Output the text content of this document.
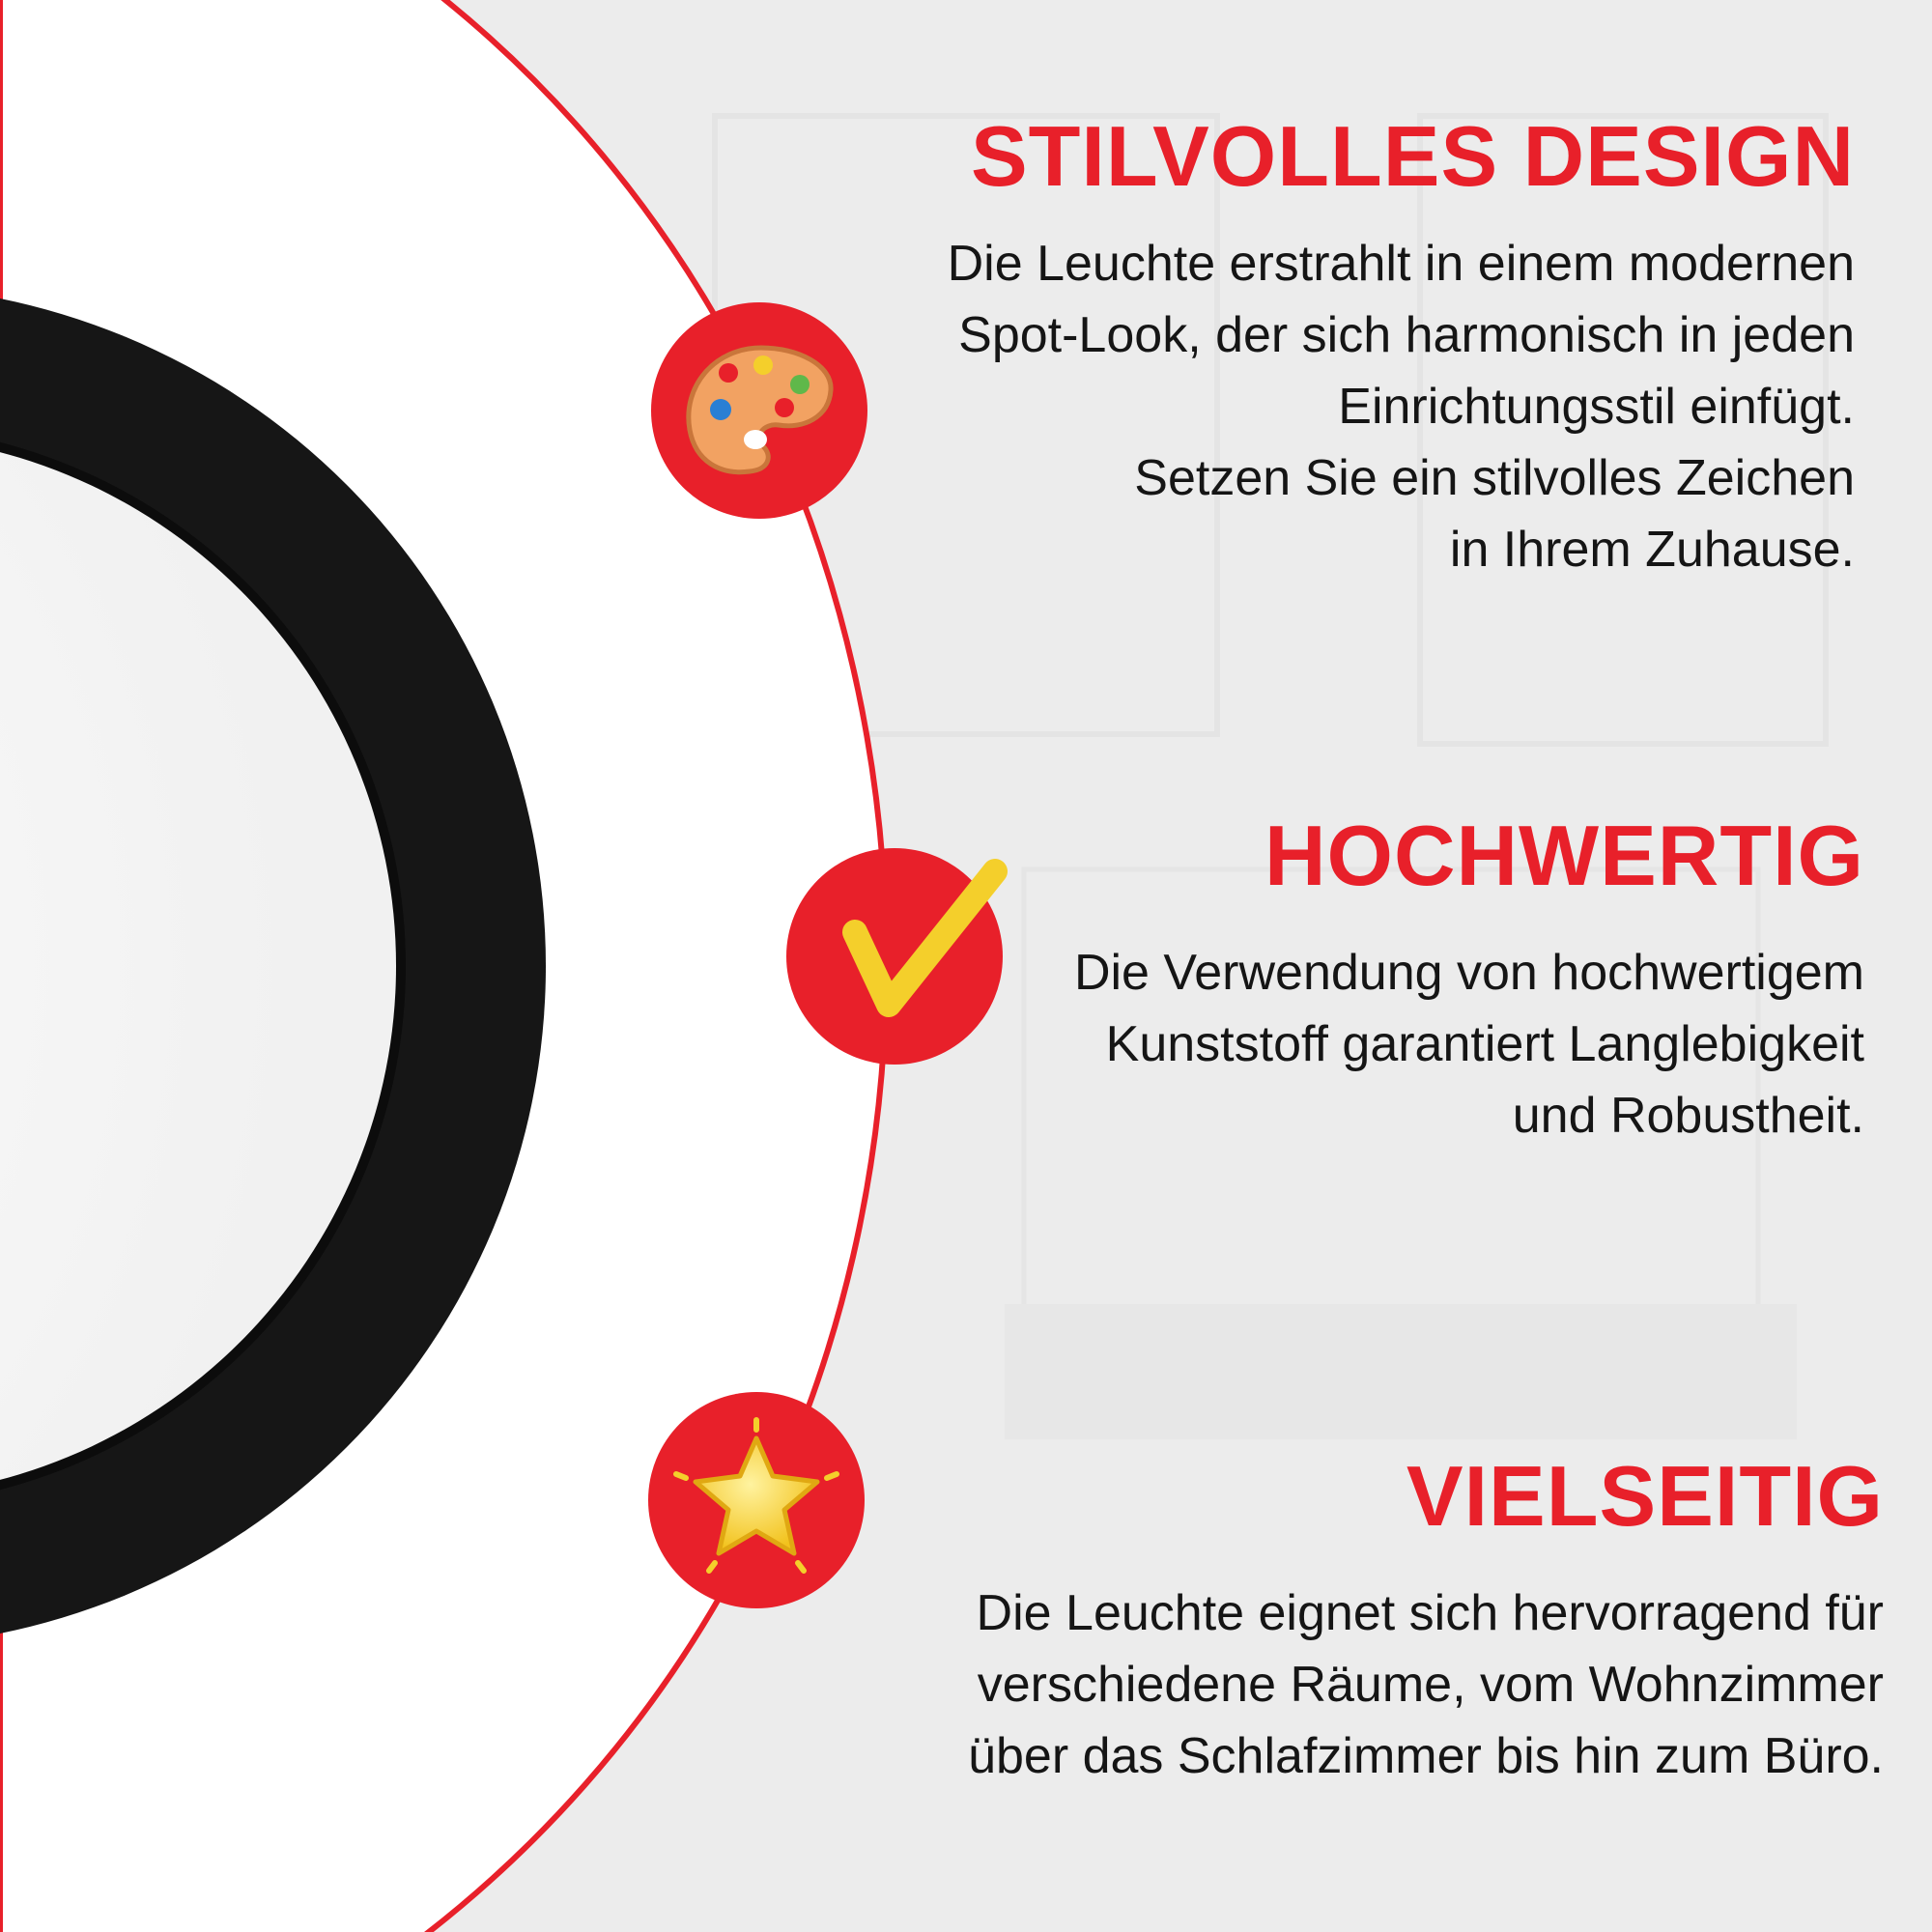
STILVOLLES DESIGN

Die Leuchte erstrahlt in einem modernen
Spot-Look, der sich harmonisch in jeden
Einrichtungsstil einfügt.
Setzen Sie ein stilvolles Zeichen
in Ihrem Zuhause.

HOCHWERTIG

Die Verwendung von hochwertigem
Kunststoff garantiert Langlebigkeit
und Robustheit.

VIELSEITIG

Die Leuchte eignet sich hervorragend für
verschiedene Räume, vom Wohnzimmer
über das Schlafzimmer bis hin zum Büro.
